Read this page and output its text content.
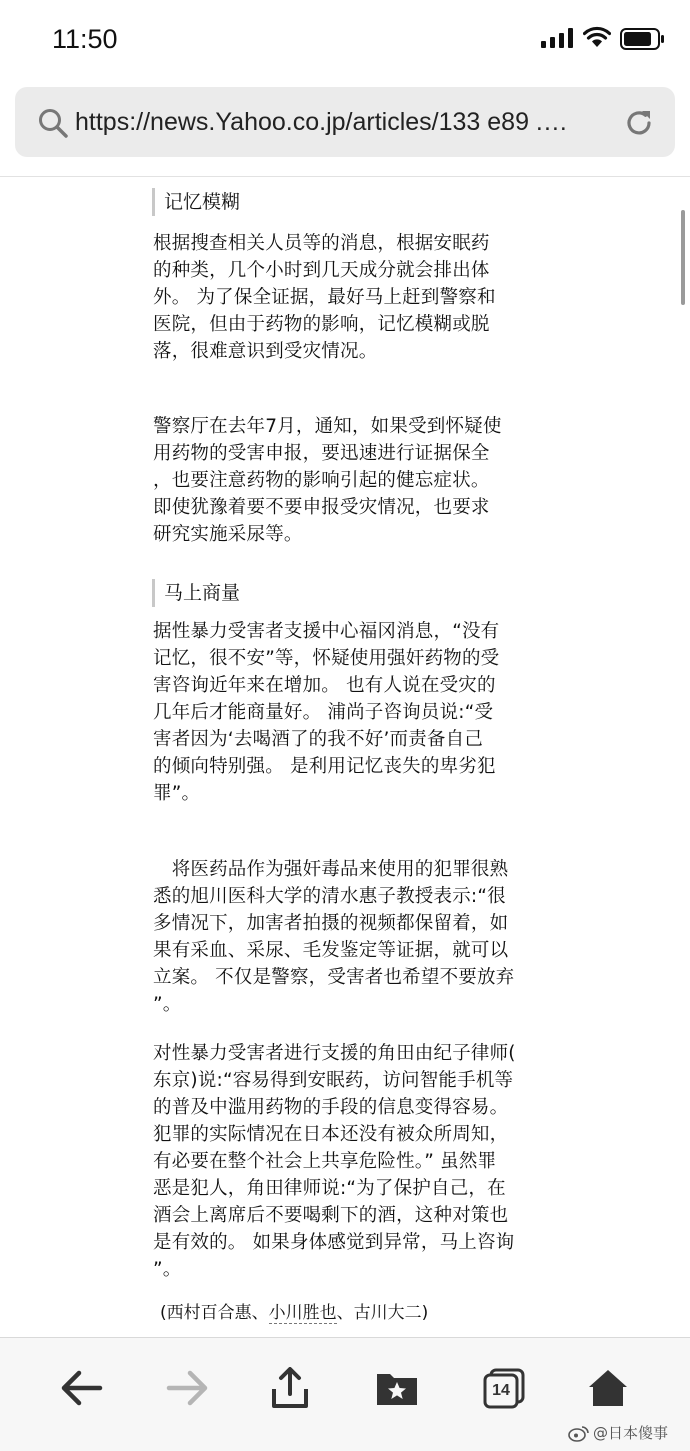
11:50
https://news.Yahoo.co.jp/articles/133 e89 .…
记忆模糊
根据搜查相关人员等的消息，根据安眠药
的种类，几个小时到几天成分就会排出体
外。 为了保全证据，最好马上赶到警察和
医院，但由于药物的影响，记忆模糊或脱
落，很难意识到受灾情况。
警察厅在去年7月，通知，如果受到怀疑使
用药物的受害申报，要迅速进行证据保全
，也要注意药物的影响引起的健忘症状。
即使犹豫着要不要申报受灾情况，也要求
研究实施采尿等。
马上商量
据性暴力受害者支援中心福冈消息，“没有
记忆，很不安”等，怀疑使用强奸药物的受
害咨询近年来在增加。 也有人说在受灾的
几年后才能商量好。 浦尚子咨询员说:“受
害者因为‘去喝酒了的我不好’而责备自己
的倾向特别强。 是利用记忆丧失的卑劣犯
罪”。
　将医药品作为强奸毒品来使用的犯罪很熟
悉的旭川医科大学的清水惠子教授表示:“很
多情况下，加害者拍摄的视频都保留着，如
果有采血、采尿、毛发鉴定等证据，就可以
立案。 不仅是警察，受害者也希望不要放弃
”。
对性暴力受害者进行支援的角田由纪子律师(
东京)说:“容易得到安眠药，访问智能手机等
的普及中滥用药物的手段的信息变得容易。
犯罪的实际情况在日本还没有被众所周知，
有必要在整个社会上共享危险性。” 虽然罪
恶是犯人，角田律师说:“为了保护自己，在
酒会上离席后不要喝剩下的酒，这种对策也
是有效的。 如果身体感觉到异常，马上咨询
”。
(西村百合惠、小川胜也、古川大二)
14
@日本傻事
